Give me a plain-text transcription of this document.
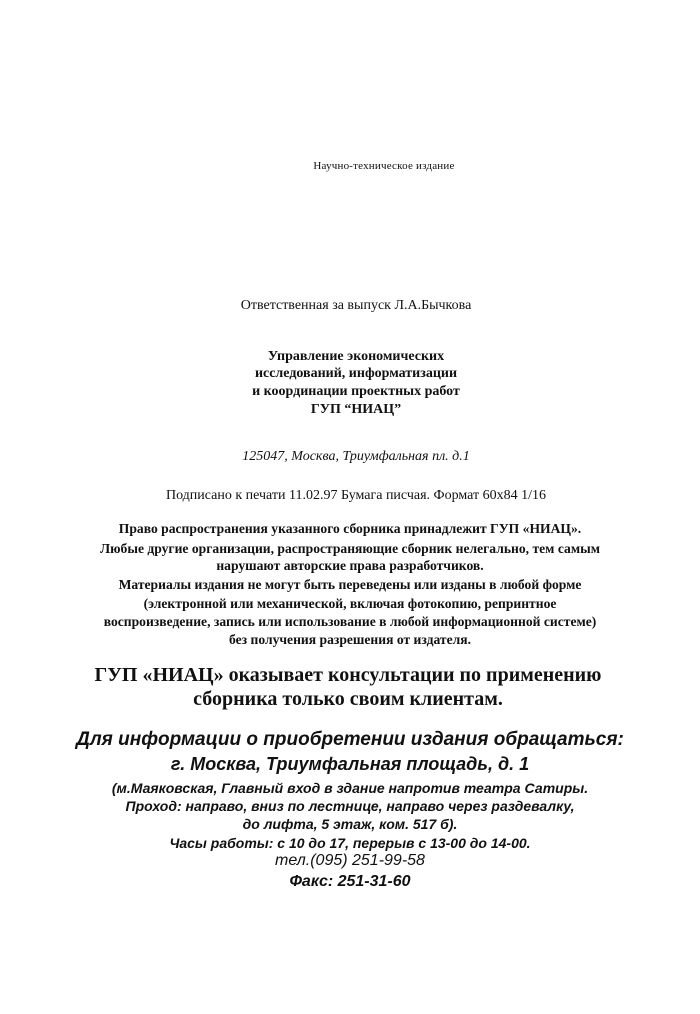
Научно-техническое издание

Ответственная за выпуск Л.А.Бычкова

Управление экономических

исследований, информатизации

и координации проектных работ

ГУП “НИАЦ”

125047, Москва, Триумфальная пл. д.1

Подписано к печати 11.02.97 Бумага писчая. Формат 60x84 1/16

Право распространения указанного сборника принадлежит ГУП «НИАЦ».

Любые другие организации, распространяющие сборник нелегально, тем самым

нарушают авторские права разработчиков.

Материалы издания не могут быть переведены или изданы в любой форме

(электронной или механической, включая фотокопию, репринтное

воспроизведение, запись или использование в любой информационной системе)

без получения разрешения от издателя.

ГУП «НИАЦ» оказывает консультации по применению

сборника только своим клиентам.

Для информации о приобретении издания обращаться:

г. Москва, Триумфальная площадь, д. 1

(м.Маяковская, Главный вход в здание напротив театра Сатиры.

Проход: направо, вниз по лестнице, направо через раздевалку,

до лифта, 5 этаж, ком. 517 б).

Часы работы: с 10 до 17, перерыв с 13-00 до 14-00.

тел.(095) 251-99-58

Факс: 251-31-60
